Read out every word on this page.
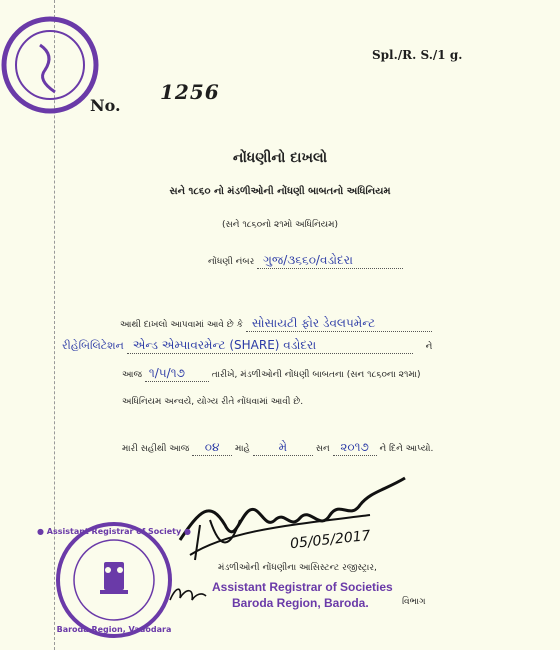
Spl./R. S./1 g.
No.
1256
નોંધણીનો દાખલો
સને ૧૮૬૦ નો મંડળીઓની નોંધણી બાબતનો અધિનિયમ
(સને ૧૮૬૦નો ૨૧મો અધિનિયમ)
નોંધણી નંબર ગુજ/૩૬૬૦/વડોદરા
આથી દાખલો આપવામાં આવે છે કે સોસાયટી ફોર ડેવલપમેન્ટ
રીહેબિલિટેશન એન્ડ એમ્પાવરમેન્ટ (SHARE) વડોદરા	ને
આજ ૧/૫/૧૭	તારીખે, મંડળીઓની નોંધણી બાબતના (સન ૧૮૬૦ના ૨૧મા)
અધિનિયમ અન્વયે, યોગ્ય રીતે નોંધવામાં આવી છે.
મારી સહીથી આજ ૦૪ માહે મે	સન ૨૦૧૭ ને દિને આપ્યો.
05/05/2017
મંડળીઓની નોંધણીના આસિસ્ટન્ટ રજીસ્ટ્રાર,
Assistant Registrar of Societies
Baroda Region, Baroda.	વિભાગ
● Assistant Registrar of Society ●
Baroda Region, Vadodara
